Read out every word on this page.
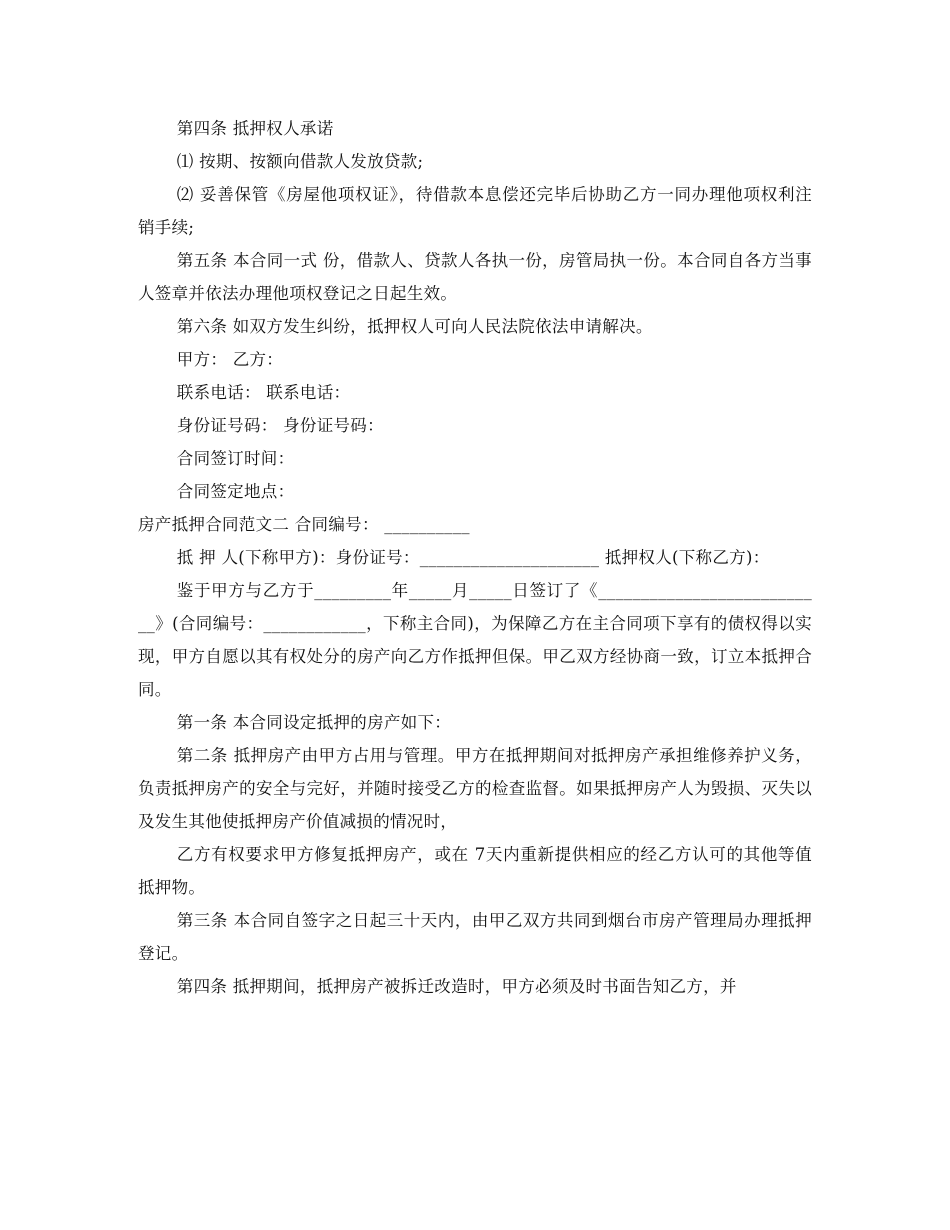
第四条 抵押权人承诺

⑴ 按期、按额向借款人发放贷款;

⑵ 妥善保管《房屋他项权证》，待借款本息偿还完毕后协助乙方一同办理他项权利注销手续;

第五条 本合同一式 份，借款人、贷款人各执一份，房管局执一份。本合同自各方当事人签章并依法办理他项权登记之日起生效。

第六条 如双方发生纠纷，抵押权人可向人民法院依法申请解决。

甲方： 乙方：

联系电话： 联系电话：

身份证号码： 身份证号码：

合同签订时间：

合同签定地点：

房产抵押合同范文二 合同编号： __________

抵 押 人(下称甲方)：身份证号：_____________________ 抵押权人(下称乙方)：

鉴于甲方与乙方于_________年_____月_____日签订了《___________________________》(合同编号：____________，下称主合同)，为保障乙方在主合同项下享有的债权得以实现，甲方自愿以其有权处分的房产向乙方作抵押但保。甲乙双方经协商一致，订立本抵押合同。

第一条 本合同设定抵押的房产如下：

第二条 抵押房产由甲方占用与管理。甲方在抵押期间对抵押房产承担维修养护义务，负责抵押房产的安全与完好，并随时接受乙方的检查监督。如果抵押房产人为毁损、灭失以及发生其他使抵押房产价值减损的情况时，

乙方有权要求甲方修复抵押房产，或在 7天内重新提供相应的经乙方认可的其他等值抵押物。

第三条 本合同自签字之日起三十天内，由甲乙双方共同到烟台市房产管理局办理抵押登记。

第四条 抵押期间，抵押房产被拆迁改造时，甲方必须及时书面告知乙方，并
